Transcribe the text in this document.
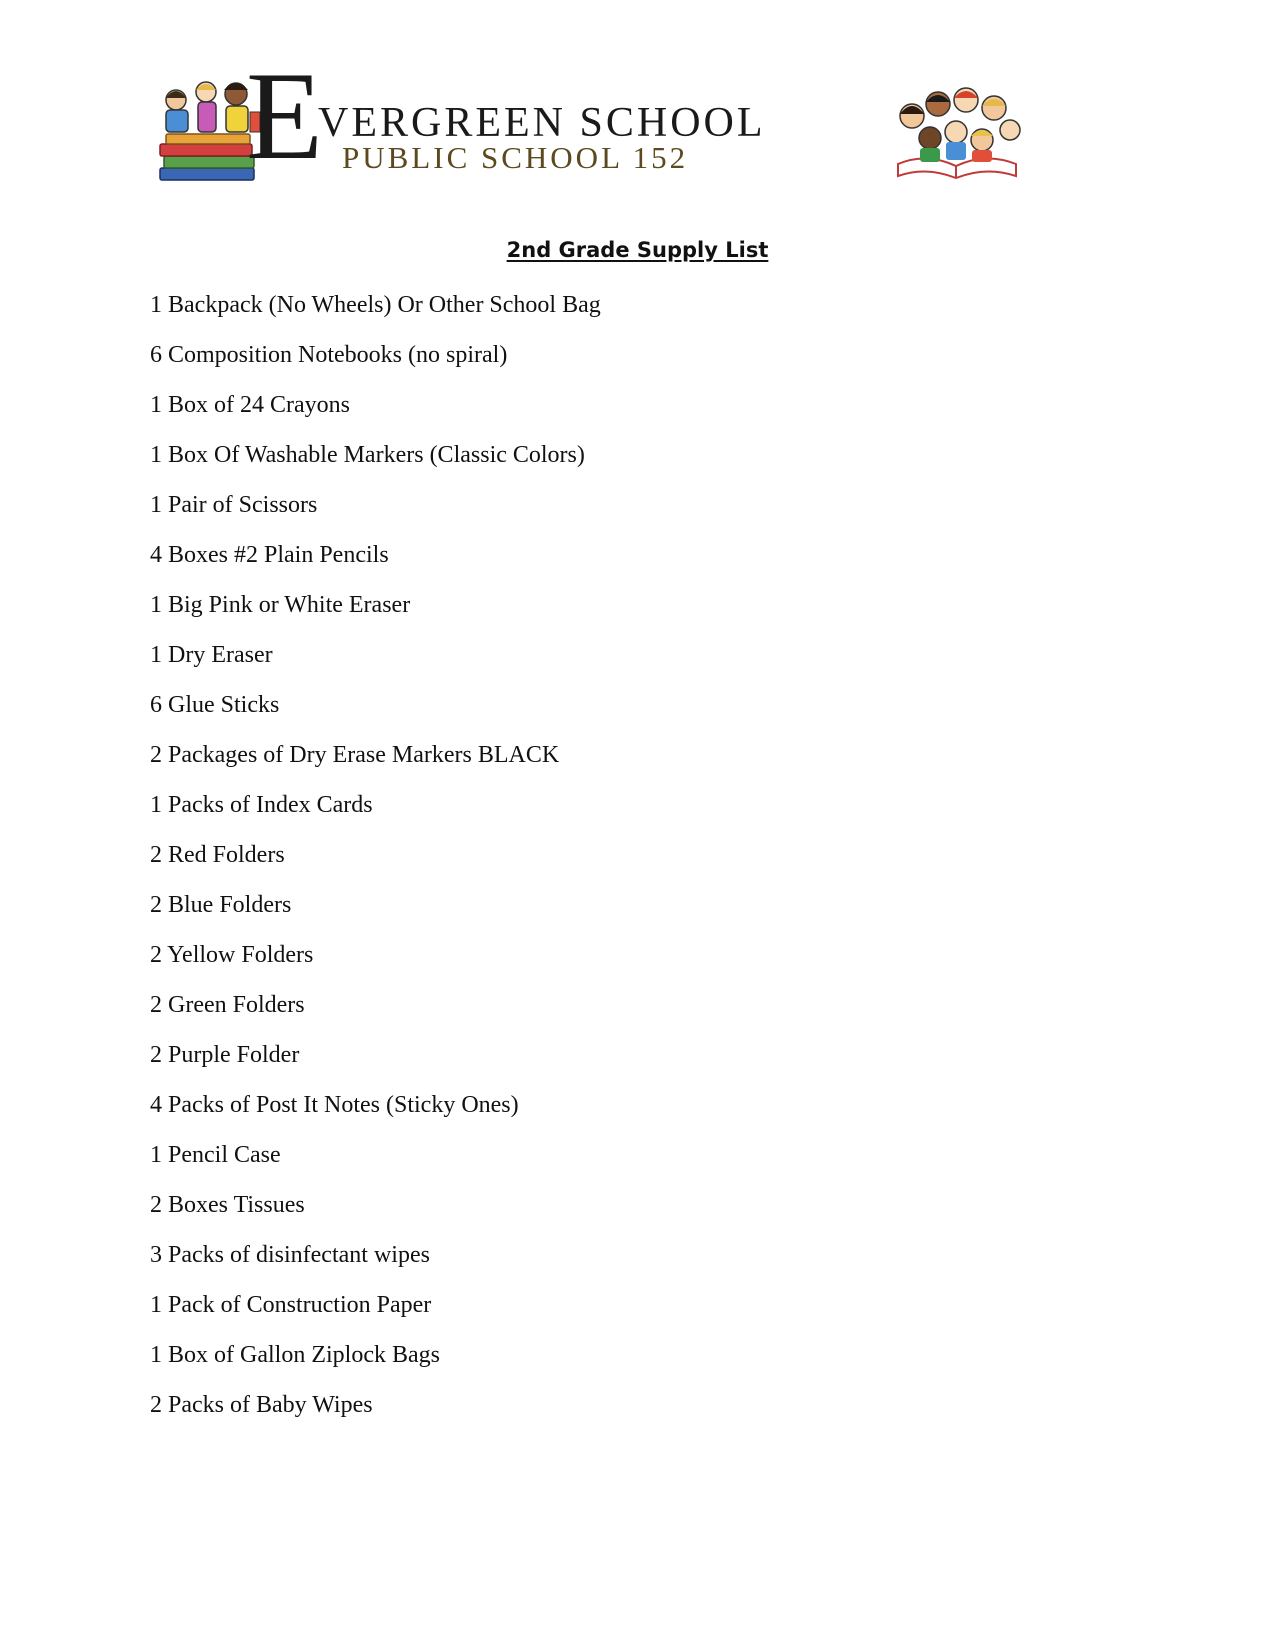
E
VERGREEN SCHOOL
PUBLIC SCHOOL 152
2nd Grade Supply List
1 Backpack (No Wheels) Or Other School Bag
6 Composition Notebooks (no spiral)
1 Box of 24 Crayons
1 Box Of Washable Markers (Classic Colors)
1 Pair of Scissors
4 Boxes #2 Plain Pencils
1 Big Pink or White Eraser
1 Dry Eraser
6 Glue Sticks
2 Packages of Dry Erase Markers BLACK
1 Packs of Index Cards
2 Red Folders
2 Blue Folders
2 Yellow Folders
2 Green Folders
2 Purple Folder
4 Packs of Post It Notes (Sticky Ones)
1 Pencil Case
2 Boxes Tissues
3 Packs of disinfectant wipes
1 Pack of Construction Paper
1 Box of Gallon Ziplock Bags
2 Packs of Baby Wipes
